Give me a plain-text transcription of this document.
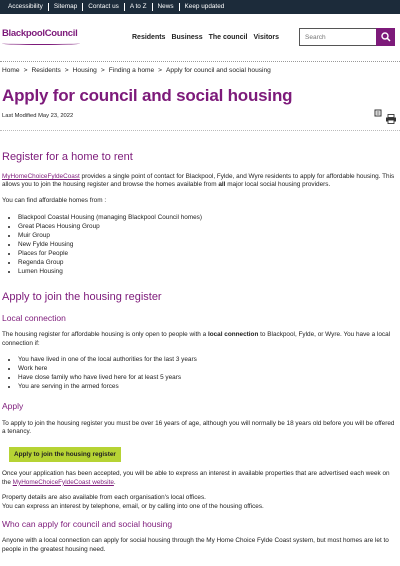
Accessibility	Sitemap	Contact us	A to Z	News	Keep updated
BlackpoolCouncil	Residents Business The council Visitors
Search
Home > Residents > Housing > Finding a home > Apply for council and social housing
Apply for council and social housing
Last Modified May 23, 2022
Register for a home to rent

MyHomeChoiceFyldeCoast provides a single point of contact for Blackpool, Fylde, and Wyre residents to apply for affordable housing. This allows you to join the housing register and browse the homes available from all major local social housing providers.

You can find affordable homes from :

• Blackpool Coastal Housing (managing Blackpool Council homes)
• Great Places Housing Group
• Muir Group
• New Fylde Housing
• Places for People
• Regenda Group
• Lumen Housing
Apply to join the housing register
Local connection

The housing register for affordable housing is only open to people with a local connection to Blackpool, Fylde, or Wyre. You have a local connection if:

• You have lived in one of the local authorities for the last 3 years
• Work here
• Have close family who have lived here for at least 5 years
• You are serving in the armed forces
Apply

To apply to join the housing register you must be over 16 years of age, although you will normally be 18 years old before you will be offered a tenancy.

Apply to join the housing register

Once your application has been accepted, you will be able to express an interest in available properties that are advertised each week on the MyHomeChoiceFyldeCoast website.

Property details are also available from each organisation's local offices.
You can express an interest by telephone, email, or by calling into one of the housing offices.

Who can apply for council and social housing

Anyone with a local connection can apply for social housing through the My Home Choice Fylde Coast system, but most homes are let to people in the greatest housing need.
